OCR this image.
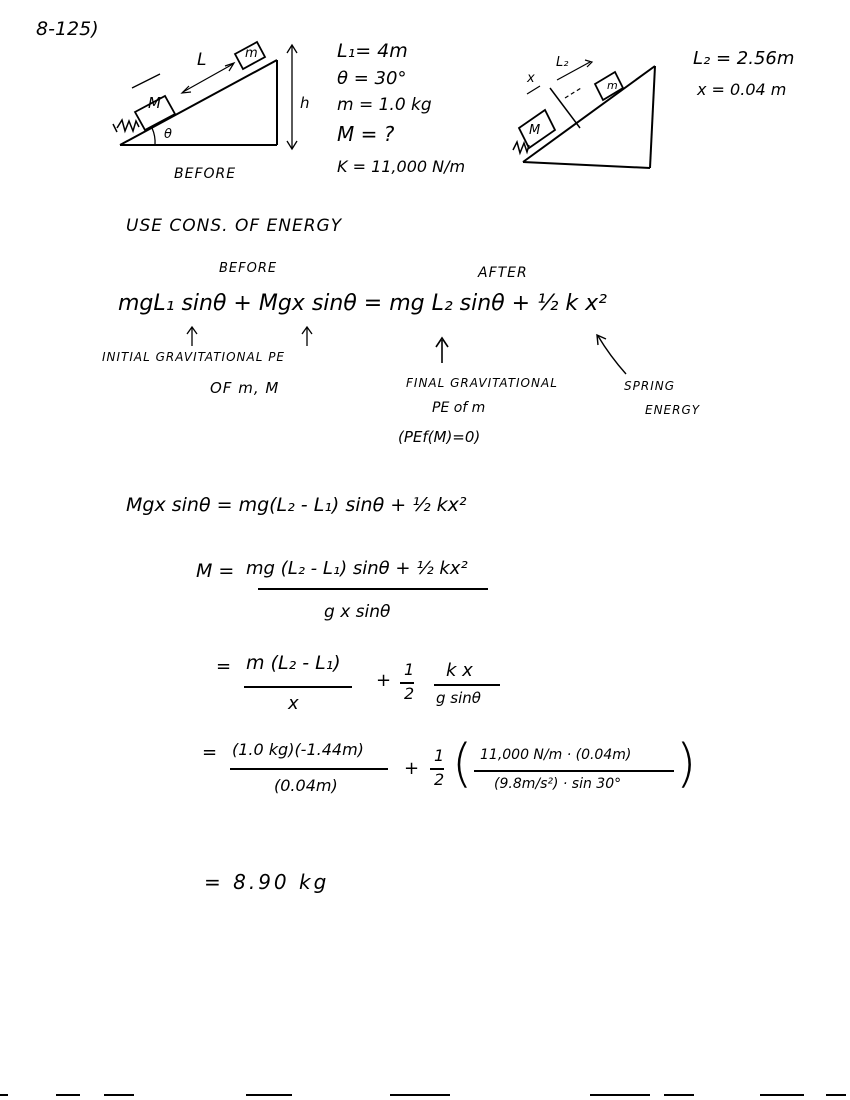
8-125)
L	m
M	h
θ
BEFORE
L₁= 4m
θ = 30°
m = 1.0 kg
M = ?
K = 11,000 N/m
x
L₂
m
M
L₂ = 2.56m
x = 0.04 m
USE CONS. OF ENERGY
BEFORE	AFTER
mgL₁ sinθ + Mgx sinθ = mg L₂ sinθ + ½ k x²
INITIAL GRAVITATIONAL PE
OF m, M	FINAL GRAVITATIONAL
PE of m
(PEf(M)=0)
SPRING
ENERGY
Mgx sinθ = mg(L₂ - L₁) sinθ + ½ kx²
M = mg (L₂ - L₁) sinθ + ½ kx²
g x sinθ
= m (L₂ - L₁)
x
+
1
2
k x
g sinθ
= (1.0 kg)(-1.44m)
(0.04m)
+
1
2 ( 11,000 N/m · (0.04m)
(9.8m/s²) · sin 30° )
= 8.90 kg
